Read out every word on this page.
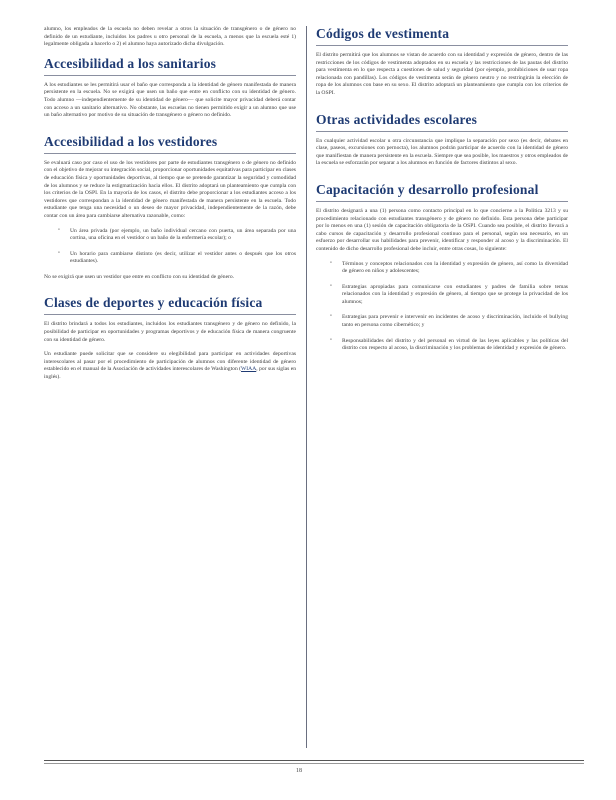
alumno, los empleados de la escuela no deben revelar a otros la situación de transgénero o de género no definido de un estudiante, incluidos los padres u otro personal de la escuela, a menos que la escuela esté 1) legalmente obligada a hacerlo o 2) el alumno haya autorizado dicha divulgación.

Accesibilidad a los sanitarios

A los estudiantes se les permitirá usar el baño que corresponda a la identidad de género manifestada de manera persistente en la escuela. No se exigirá que usen un baño que entre en conflicto con su identidad de género. Todo alumno —independientemente de su identidad de género— que solicite mayor privacidad deberá contar con acceso a un sanitario alternativo. No obstante, las escuelas no tienen permitido exigir a un alumno que use un baño alternativo por motivo de su situación de transgénero o género no definido.

Accesibilidad a los vestidores

Se evaluará caso por caso el uso de los vestidores por parte de estudiantes transgénero o de género no definido con el objetivo de mejorar su integración social, proporcionar oportunidades equitativas para participar en clases de educación física y oportunidades deportivas, al tiempo que se pretende garantizar la seguridad y comodidad de los alumnos y se reduce la estigmatización hacia ellos. El distrito adoptará un planteamiento que cumpla con los criterios de la OSPI. En la mayoría de los casos, el distrito debe proporcionar a los estudiantes acceso a los vestidores que correspondan a la identidad de género manifestada de manera persistente en la escuela. Todo estudiante que tenga una necesidad o un deseo de mayor privacidad, independientemente de la razón, debe contar con un área para cambiarse alternativa razonable, como:

º Un área privada (por ejemplo, un baño individual cercano con puerta, un área separada por una cortina, una oficina en el vestidor o un baño de la enfermería escolar); o
º Un horario para cambiarse distinto (es decir, utilizar el vestidor antes o después que los otros estudiantes).

No se exigirá que usen un vestidor que entre en conflicto con su identidad de género.

Clases de deportes y educación física

El distrito brindará a todos los estudiantes, incluidos los estudiantes transgénero y de género no definido, la posibilidad de participar en oportunidades y programas deportivos y de educación física de manera congruente con su identidad de género.

Un estudiante puede solicitar que se considere su elegibilidad para participar en actividades deportivas interescolares al pasar por el procedimiento de participación de alumnos con diferente identidad de género establecido en el manual de la Asociación de actividades interescolares de Washington (WIAA, por sus siglas en inglés).

Códigos de vestimenta

El distrito permitirá que los alumnos se vistan de acuerdo con su identidad y expresión de género, dentro de las restricciones de los códigos de vestimenta adoptados en su escuela y las restricciones de las pautas del distrito para vestimenta en lo que respecta a cuestiones de salud y seguridad (por ejemplo, prohibiciones de usar ropa relacionada con pandillas). Los códigos de vestimenta serán de género neutro y no restringirán la elección de ropa de los alumnos con base en su sexo. El distrito adoptará un planteamiento que cumpla con los criterios de la OSPI.

Otras actividades escolares

En cualquier actividad escolar u otra circunstancia que implique la separación por sexo (es decir, debates en clase, paseos, excursiones con pernocta), los alumnos podrán participar de acuerdo con la identidad de género que manifiestan de manera persistente en la escuela. Siempre que sea posible, los maestros y otros empleados de la escuela se esforzarán por separar a los alumnos en función de factores distintos al sexo.

Capacitación y desarrollo profesional

El distrito designará a una (1) persona como contacto principal en lo que concierne a la Política 3213 y su procedimiento relacionado con estudiantes transgénero y de género no definido. Esta persona debe participar por lo menos en una (1) sesión de capacitación obligatoria de la OSPI. Cuando sea posible, el distrito llevará a cabo cursos de capacitación y desarrollo profesional continuo para el personal, según sea necesario, en un esfuerzo por desarrollar sus habilidades para prevenir, identificar y responder al acoso y la discriminación. El contenido de dicho desarrollo profesional debe incluir, entre otras cosas, lo siguiente:

º Términos y conceptos relacionados con la identidad y expresión de género, así como la diversidad de género en niños y adolescentes;
º Estrategias apropiadas para comunicarse con estudiantes y padres de familia sobre temas relacionados con la identidad y expresión de género, al tiempo que se protege la privacidad de los alumnos;
º Estrategias para prevenir e intervenir en incidentes de acoso y discriminación, incluido el bullying tanto en persona como cibernético; y
º Responsabilidades del distrito y del personal en virtud de las leyes aplicables y las políticas del distrito con respecto al acoso, la discriminación y los problemas de identidad y expresión de género.
18
